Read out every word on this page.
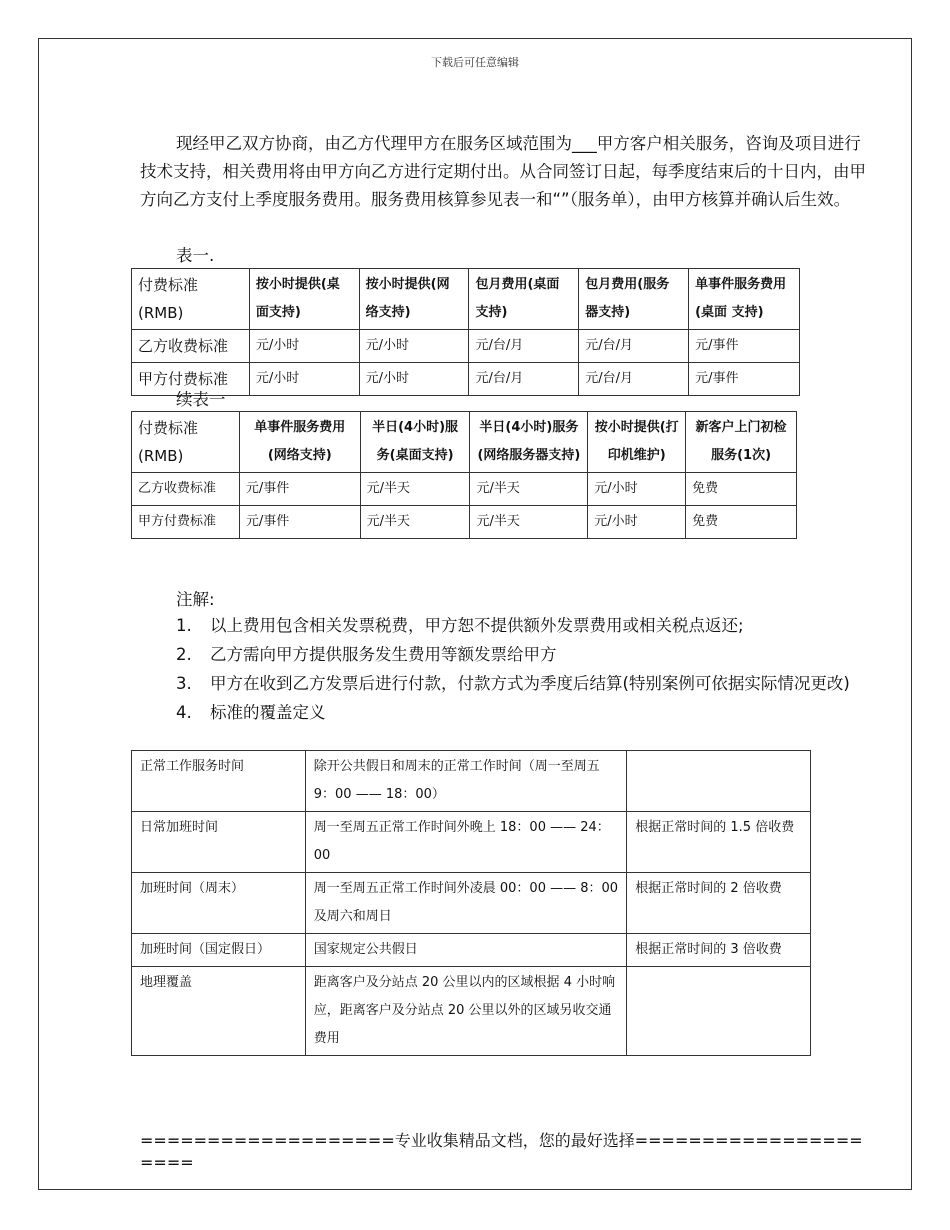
下载后可任意编辑

现经甲乙双方协商，由乙方代理甲方在服务区域范围为___甲方客户相关服务，咨询及项目进行技术支持，相关费用将由甲方向乙方进行定期付出。从合同签订日起，每季度结束后的十日内，由甲方向乙方支付上季度服务费用。服务费用核算参见表一和“”（服务单），由甲方核算并确认后生效。

表一.
付费标准(RMB)	按小时提供(桌面支持)	按小时提供(网络支持)	包月费用(桌面支持)	包月费用(服务器支持)	单事件服务费用(桌面 支持)
乙方收费标准	元/小时	元/小时	元/台/月	元/台/月	元/事件
甲方付费标准	元/小时	元/小时	元/台/月	元/台/月	元/事件
续表一
付费标准(RMB)	单事件服务费用(网络支持)	半日(4小时)服务(桌面支持)	半日(4小时)服务(网络服务器支持)	按小时提供(打印机维护)	新客户上门初检服务(1次)
乙方收费标准	元/事件	元/半天	元/半天	元/小时	免费
甲方付费标准	元/事件	元/半天	元/半天	元/小时	免费
注解:
1.	以上费用包含相关发票税费，甲方恕不提供额外发票费用或相关税点返还;
2.	乙方需向甲方提供服务发生费用等额发票给甲方
3.	甲方在收到乙方发票后进行付款，付款方式为季度后结算(特别案例可依据实际情况更改)
4.	标准的覆盖定义
正常工作服务时间	除开公共假日和周末的正常工作时间（周一至周五 9：00 —— 18：00）	
日常加班时间	周一至周五正常工作时间外晚上 18：00 —— 24：00	根据正常时间的 1.5 倍收费
加班时间（周末）	周一至周五正常工作时间外凌晨 00：00 —— 8：00 及周六和周日	根据正常时间的 2 倍收费
加班时间（国定假日）	国家规定公共假日	根据正常时间的 3 倍收费
地理覆盖	距离客户及分站点 20 公里以内的区域根据 4 小时响应，距离客户及分站点 20 公里以外的区域另收交通费用	
===================专业收集精品文档，您的最好选择=====================
